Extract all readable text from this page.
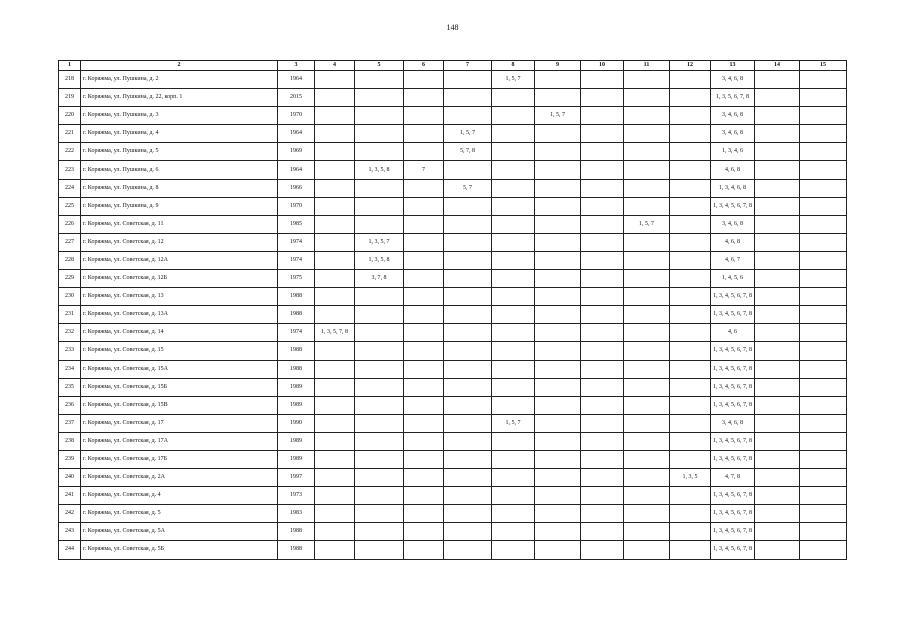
148
1	2	3	4	5	6	7	8	9	10	11	12	13	14	15
218	г. Коряжма, ул. Пушкина, д. 2	1964					1, 5, 7					3, 4, 6, 8		
219	г. Коряжма, ул. Пушкина, д. 22, корп. 1	2015										1, 3, 5, 6, 7, 8		
220	г. Коряжма, ул. Пушкина, д. 3	1970						1, 5, 7				3, 4, 6, 8		
221	г. Коряжма, ул. Пушкина, д. 4	1964				1, 5, 7						3, 4, 6, 8		
222	г. Коряжма, ул. Пушкина, д. 5	1969				5, 7, 8						1, 3, 4, 6		
223	г. Коряжма, ул. Пушкина, д. 6	1964		1, 3, 5, 8	7							4, 6, 8		
224	г. Коряжма, ул. Пушкина, д. 8	1966				5, 7						1, 3, 4, 6, 8		
225	г. Коряжма, ул. Пушкина, д. 9	1970										1, 3, 4, 5, 6, 7, 8		
226	г. Коряжма, ул. Советская, д. 11	1985								1, 5, 7		3, 4, 6, 8		
227	г. Коряжма, ул. Советская, д. 12	1974		1, 3, 5, 7								4, 6, 8		
228	г. Коряжма, ул. Советская, д. 12А	1974		1, 3, 5, 8								4, 6, 7		
229	г. Коряжма, ул. Советская, д. 12Б	1975		3, 7, 8								1, 4, 5, 6		
230	г. Коряжма, ул. Советская, д. 13	1988										1, 3, 4, 5, 6, 7, 8		
231	г. Коряжма, ул. Советская, д. 13А	1988										1, 3, 4, 5, 6, 7, 8		
232	г. Коряжма, ул. Советская, д. 14	1974	1, 3, 5, 7, 8									4, 6		
233	г. Коряжма, ул. Советская, д. 15	1988										1, 3, 4, 5, 6, 7, 8		
234	г. Коряжма, ул. Советская, д. 15А	1988										1, 3, 4, 5, 6, 7, 8		
235	г. Коряжма, ул. Советская, д. 15Б	1989										1, 3, 4, 5, 6, 7, 8		
236	г. Коряжма, ул. Советская, д. 15В	1989										1, 3, 4, 5, 6, 7, 8		
237	г. Коряжма, ул. Советская, д. 17	1990					1, 5, 7					3, 4, 6, 8		
238	г. Коряжма, ул. Советская, д. 17А	1989										1, 3, 4, 5, 6, 7, 8		
239	г. Коряжма, ул. Советская, д. 17Б	1989										1, 3, 4, 5, 6, 7, 8		
240	г. Коряжма, ул. Советская, д. 2А	1997									1, 3, 5	4, 7, 8		
241	г. Коряжма, ул. Советская, д. 4	1973										1, 3, 4, 5, 6, 7, 8		
242	г. Коряжма, ул. Советская, д. 5	1983										1, 3, 4, 5, 6, 7, 8		
243	г. Коряжма, ул. Советская, д. 5А	1988										1, 3, 4, 5, 6, 7, 8		
244	г. Коряжма, ул. Советская, д. 5Б	1988										1, 3, 4, 5, 6, 7, 8		
